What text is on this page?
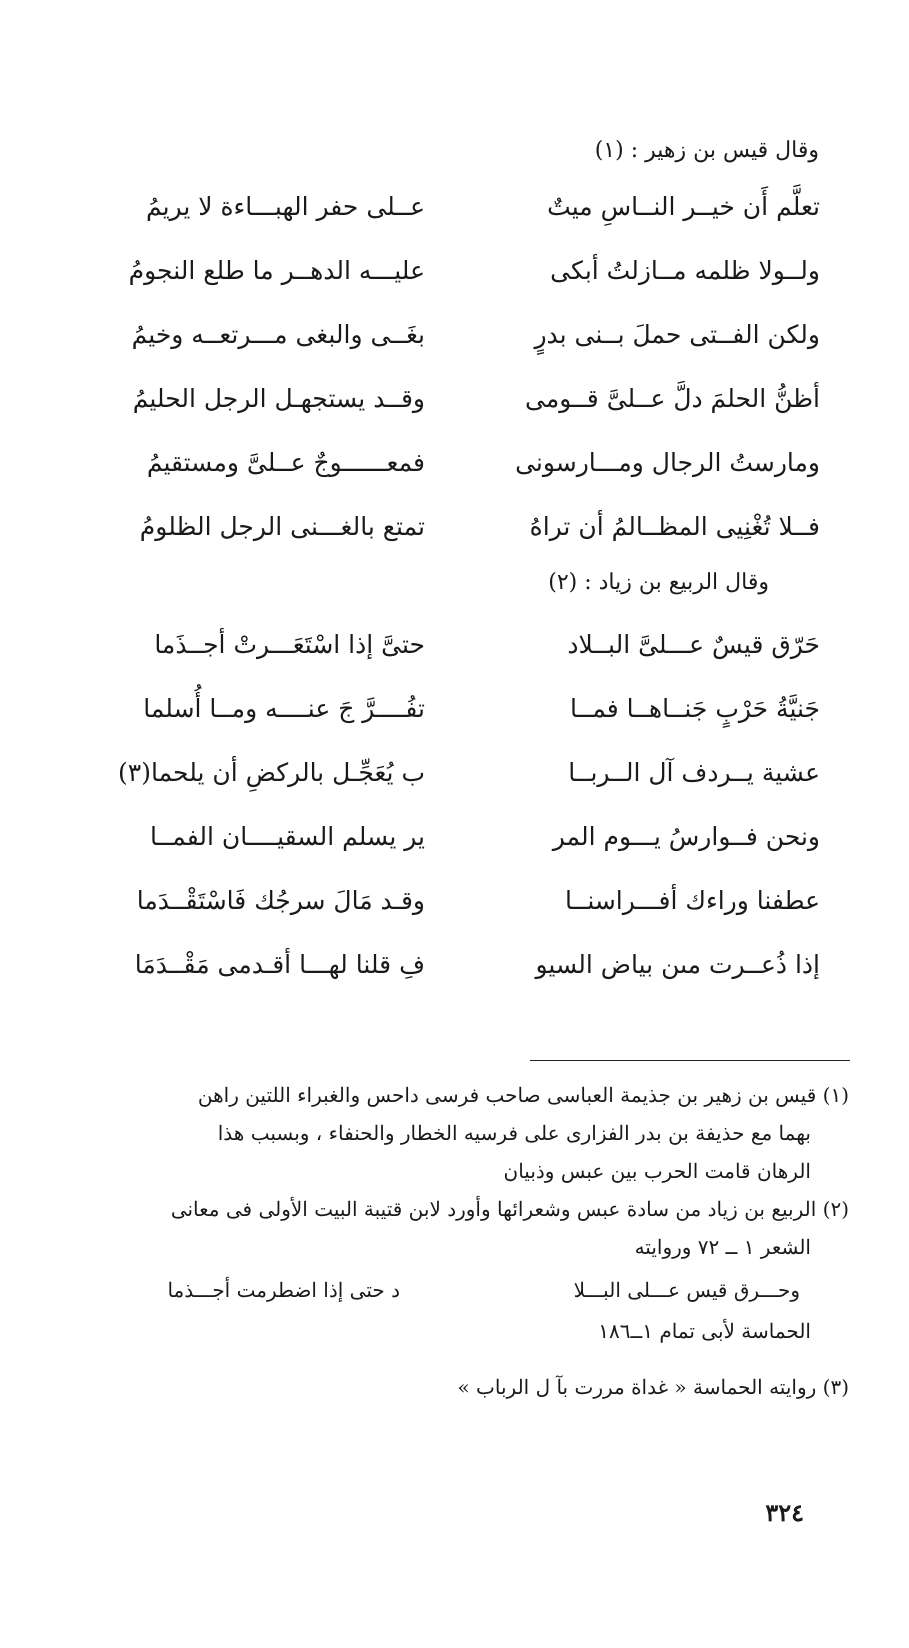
وقال قيس بن زهير : (١)
تعلَّم أَن خيــر النــاسِ ميتٌ
عــلى حفر الهبـــاءة لا يريمُ
ولــولا ظلمه مــازلتُ أبكى
عليـــه الدهــر ما طلع النجومُ
ولكن الفــتى حملَ بــنى بدرٍ
بغَــى والبغى مـــرتعــه وخيمُ
أظنُّ الحلمَ دلَّ عــلىَّ قــومى
وقــد يستجهـل الرجل الحليمُ
ومارستُ الرجال ومـــارسونى
فمعــــــوجٌ عــلىَّ ومستقيمُ
فــلا تُغْنِيى المظــالمُ أن تراهُ
تمتع بالغـــنى الرجل الظلومُ
وقال الربيع بن زياد : (٢)
حَرّق قيسٌ عـــلىَّ البــلاد
حتىَّ إذا اسْتَعَـــرتْ أجــذَما
جَنيَّةُ حَرْبٍ جَنــاهــا فمــا
تفُــــرَّ جَ عنــــه ومــا أُسلما
عشية يــردف آل الــربــا
ب يُعَجِّـل بالركضِ أن يلحما(٣)
ونحن فــوارسُ يـــوم المر
ير يسلم السقيــــان الفمــا
عطفنا وراءك أفـــراسنــا
وقـد مَالَ سرجُك فَاسْتَقْــدَما
إذا ذُعــرت مىن بياض السيو
فِ قلنا لهـــا أقـدمى مَقْــدَمَا
(١) قيس بن زهير بن جذيمة العباسى صاحب فرسى داحس والغبراء اللتين راهن
بهما مع حذيفة بن بدر الفزارى على فرسيه الخطار والحنفاء ، وبسبب هذا
الرهان قامت الحرب بين عبس وذبيان
(٢) الربيع بن زياد من سادة عبس وشعرائها وأورد لابن قتيبة البيت الأولى فى معانى
الشعر ١ ــ ٧٢ وروايته
وحـــرق قيس عـــلى البـــلا
د حتى إذا اضطرمت أجـــذما
الحماسة لأبى تمام ١ــ١٨٦
(٣) روايته الحماسة « غداة مررت بآ ل الرباب »
٣٢٤
